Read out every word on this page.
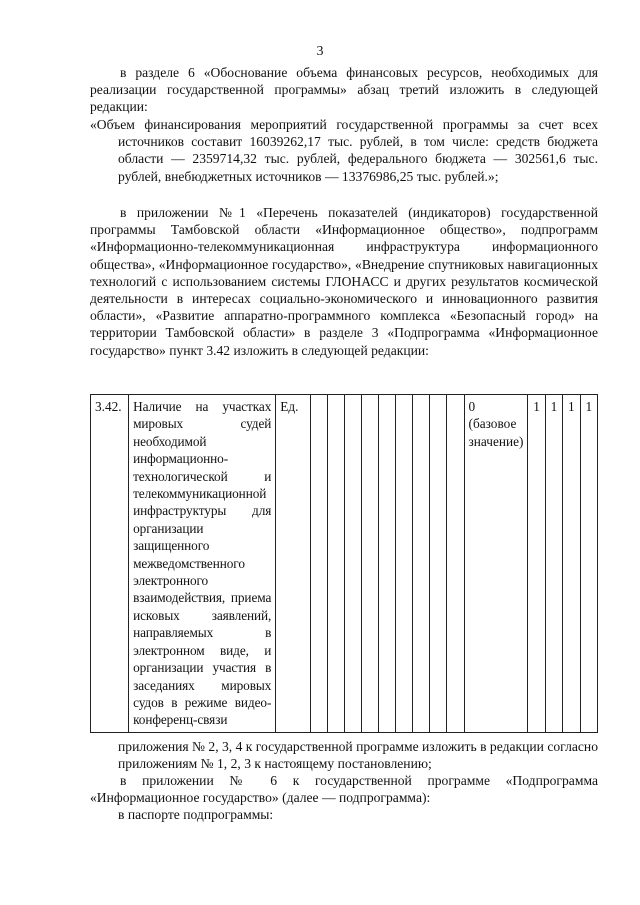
3

в разделе 6 «Обоснование объема финансовых ресурсов, необходимых для реализации государственной программы» абзац третий изложить в следующей редакции:

«Объем финансирования мероприятий государственной программы за счет всех источников составит 16039262,17 тыс. рублей, в том числе: средств бюджета области — 2359714,32 тыс. рублей, федерального бюджета — 302561,6 тыс. рублей, внебюджетных источников — 13376986,25 тыс. рублей.»;

в приложении №1 «Перечень показателей (индикаторов) государственной программы Тамбовской области «Информационное общество», подпрограмм «Информационно-телекоммуникационная инфраструктура информационного общества», «Информационное государство», «Внедрение спутниковых навигационных технологий с использованием системы ГЛОНАСС и других результатов космической деятельности в интересах социально-экономического и инновационного развития области», «Развитие аппаратно-программного комплекса «Безопасный город» на территории Тамбовской области» в разделе 3 «Подпрограмма «Информационное государство» пункт 3.42 изложить в следующей редакции:

3.42.	Наличие на участках мировых судей необходимой информационно-технологической и телекоммуникационной инфраструктуры для организации защищенного межведомственного электронного взаимодействия, приема исковых заявлений, направляемых в электронном виде, и организации участия в заседаниях мировых судов в режиме видео-конференц-связи	Ед.										0 (базовое значение)	1	1	1	1

приложения № 2, 3, 4 к государственной программе изложить в редакции согласно приложениям № 1, 2, 3 к настоящему постановлению;

в приложении № 6 к государственной программе «Подпрограмма «Информационное государство» (далее — подпрограмма):

в паспорте подпрограммы:
